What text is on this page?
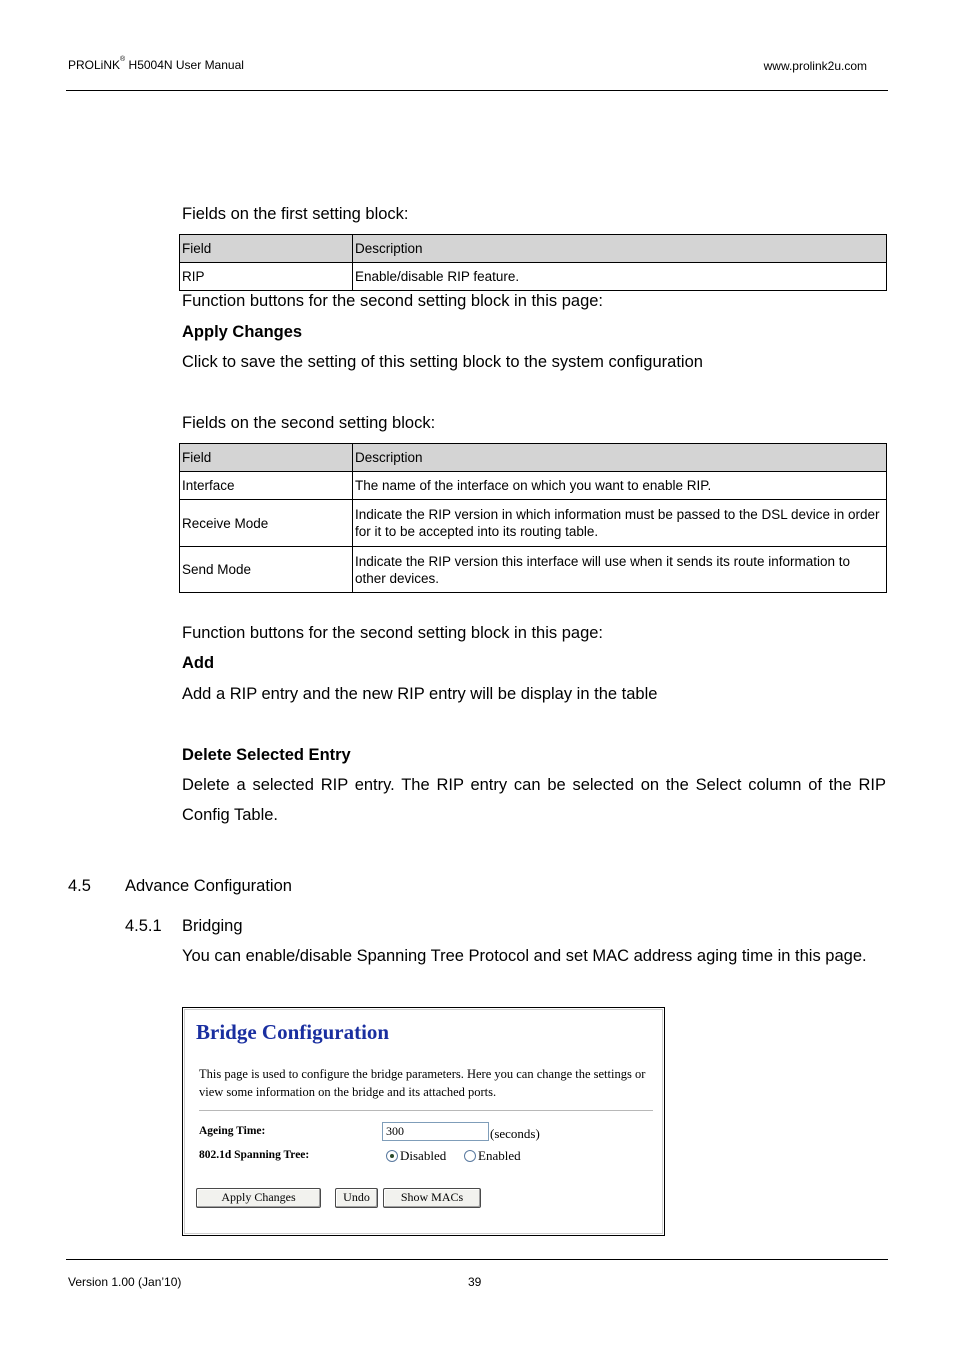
PROLiNK® H5004N User Manual	www.prolink2u.com
Fields on the first setting block:
Field	Description
RIP	Enable/disable RIP feature.
Function buttons for the second setting block in this page:
Apply Changes
Click to save the setting of this setting block to the system configuration
Fields on the second setting block:
Field	Description
Interface	The name of the interface on which you want to enable RIP.
Receive Mode	Indicate the RIP version in which information must be passed to the DSL device in order for it to be accepted into its routing table.
Send Mode	Indicate the RIP version this interface will use when it sends its route information to other devices.
Function buttons for the second setting block in this page:
Add
Add a RIP entry and the new RIP entry will be display in the table
Delete Selected Entry
Delete a selected RIP entry. The RIP entry can be selected on the Select column of the RIP Config Table.
4.5 Advance Configuration
4.5.1 Bridging
You can enable/disable Spanning Tree Protocol and set MAC address aging time in this page.
Bridge Configuration
This page is used to configure the bridge parameters. Here you can change the settings or view some information on the bridge and its attached ports.
Ageing Time:	300	(seconds)
802.1d Spanning Tree:	Disabled Enabled
Apply Changes	Undo	Show MACs
Version 1.00 (Jan’10)	39
